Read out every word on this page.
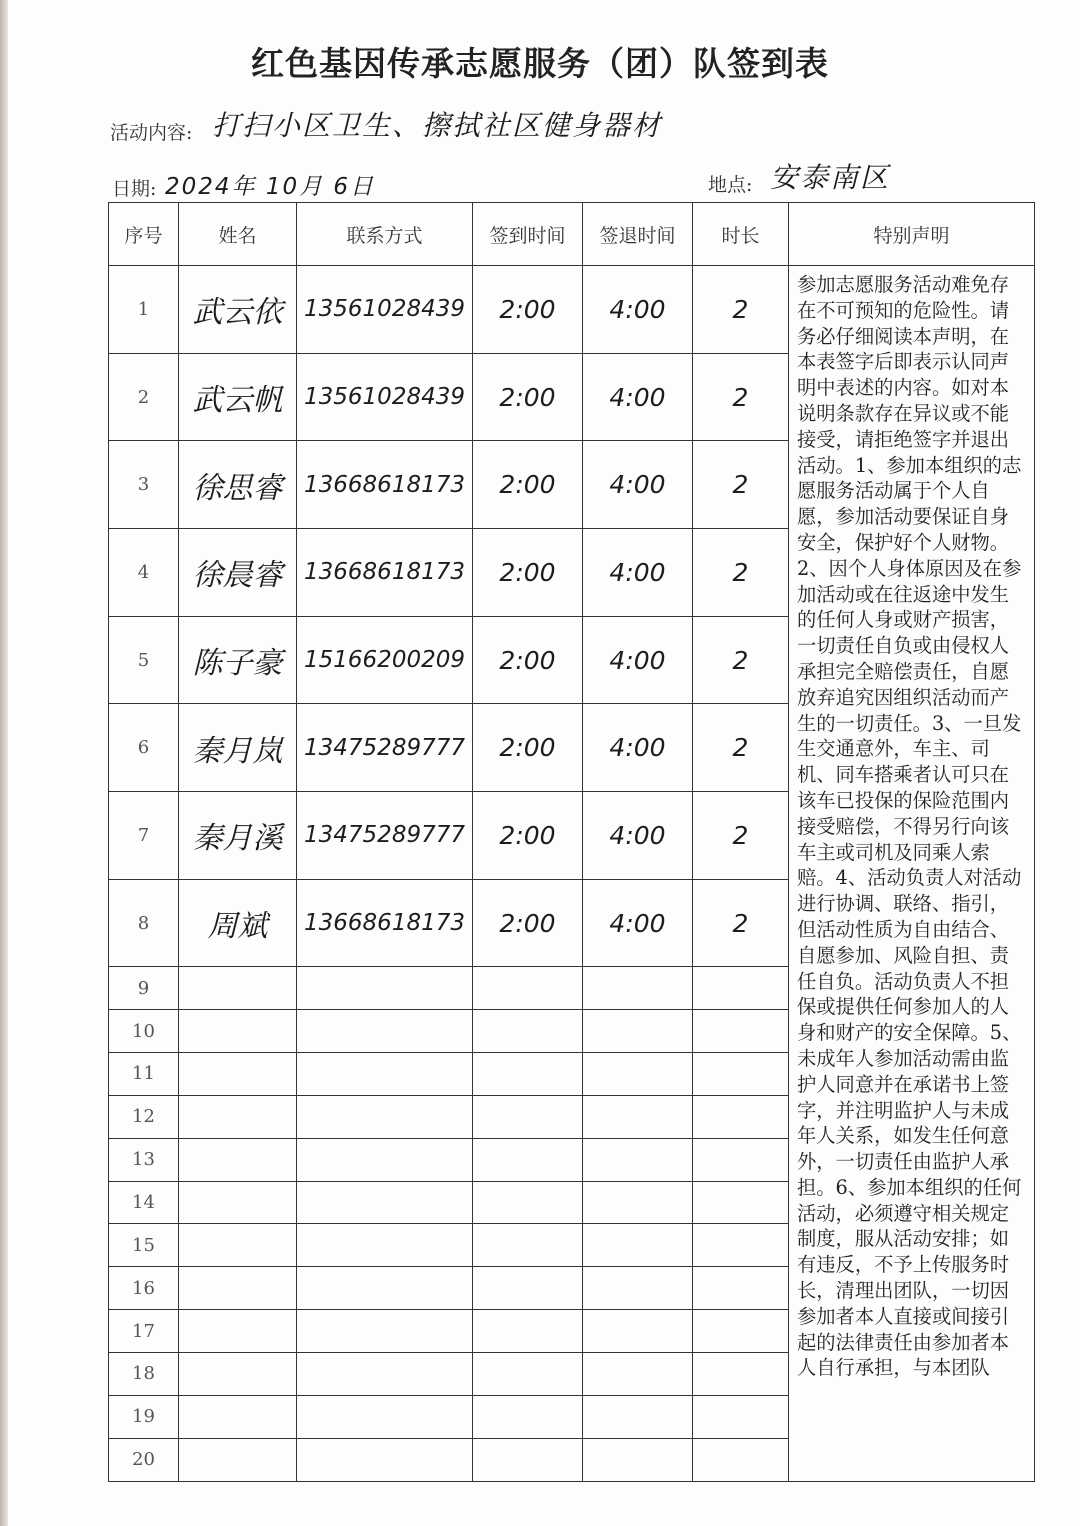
红色基因传承志愿服务（团）队签到表
活动内容: 打扫小区卫生、擦拭社区健身器材
日期: 2024年 10月 6日	地点: 安泰南区
序号	姓名	联系方式	签到时间	签退时间	时长	特别声明
1	武云依	13561028439	2:00	4:00	2	参加志愿服务活动难免存在不可预知的危险性。请务必仔细阅读本声明，在本表签字后即表示认同声明中表述的内容。如对本说明条款存在异议或不能接受，请拒绝签字并退出活动。1、参加本组织的志愿服务活动属于个人自愿，参加活动要保证自身安全，保护好个人财物。2、因个人身体原因及在参加活动或在往返途中发生的任何人身或财产损害，一切责任自负或由侵权人承担完全赔偿责任，自愿放弃追究因组织活动而产生的一切责任。3、一旦发生交通意外，车主、司机、同车搭乘者认可只在该车已投保的保险范围内接受赔偿，不得另行向该车主或司机及同乘人索赔。4、活动负责人对活动进行协调、联络、指引，但活动性质为自由结合、自愿参加、风险自担、责任自负。活动负责人不担保或提供任何参加人的人身和财产的安全保障。5、未成年人参加活动需由监护人同意并在承诺书上签字，并注明监护人与未成年人关系，如发生任何意外，一切责任由监护人承担。6、参加本组织的任何活动，必须遵守相关规定制度，服从活动安排；如有违反，不予上传服务时长，清理出团队，一切因参加者本人直接或间接引起的法律责任由参加者本人自行承担，与本团队
2	武云帆	13561028439	2:00	4:00	2	
3	徐思睿	13668618173	2:00	4:00	2	
4	徐晨睿	13668618173	2:00	4:00	2	
5	陈子豪	15166200209	2:00	4:00	2	
6	秦月岚	13475289777	2:00	4:00	2	
7	秦月溪	13475289777	2:00	4:00	2	
8	周斌	13668618173	2:00	4:00	2	
9						
10						
11						
12						
13						
14						
15						
16						
17						
18						
19						
20						
